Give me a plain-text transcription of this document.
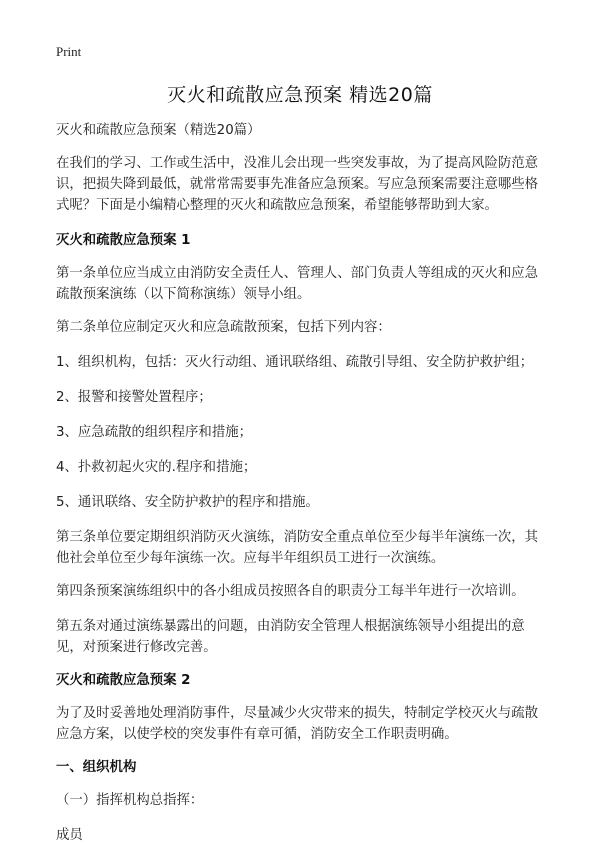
Print
灭火和疏散应急预案 精选20篇

灭火和疏散应急预案（精选20篇）

在我们的学习、工作或生活中，没准儿会出现一些突发事故，为了提高风险防范意识，把损失降到最低，就常常需要事先准备应急预案。写应急预案需要注意哪些格式呢？下面是小编精心整理的灭火和疏散应急预案，希望能够帮助到大家。

灭火和疏散应急预案 1

第一条单位应当成立由消防安全责任人、管理人、部门负责人等组成的灭火和应急疏散预案演练（以下简称演练）领导小组。

第二条单位应制定灭火和应急疏散预案，包括下列内容：

1、组织机构，包括：灭火行动组、通讯联络组、疏散引导组、安全防护救护组；

2、报警和接警处置程序；

3、应急疏散的组织程序和措施；

4、扑救初起火灾的.程序和措施；

5、通讯联络、安全防护救护的程序和措施。

第三条单位要定期组织消防灭火演练，消防安全重点单位至少每半年演练一次，其他社会单位至少每年演练一次。应每半年组织员工进行一次演练。

第四条预案演练组织中的各小组成员按照各自的职责分工每半年进行一次培训。

第五条对通过演练暴露出的问题，由消防安全管理人根据演练领导小组提出的意见，对预案进行修改完善。

灭火和疏散应急预案 2

为了及时妥善地处理消防事件，尽量减少火灾带来的损失，特制定学校灭火与疏散应急方案，以使学校的突发事件有章可循，消防安全工作职责明确。

一、组织机构

（一）指挥机构总指挥：

成员
